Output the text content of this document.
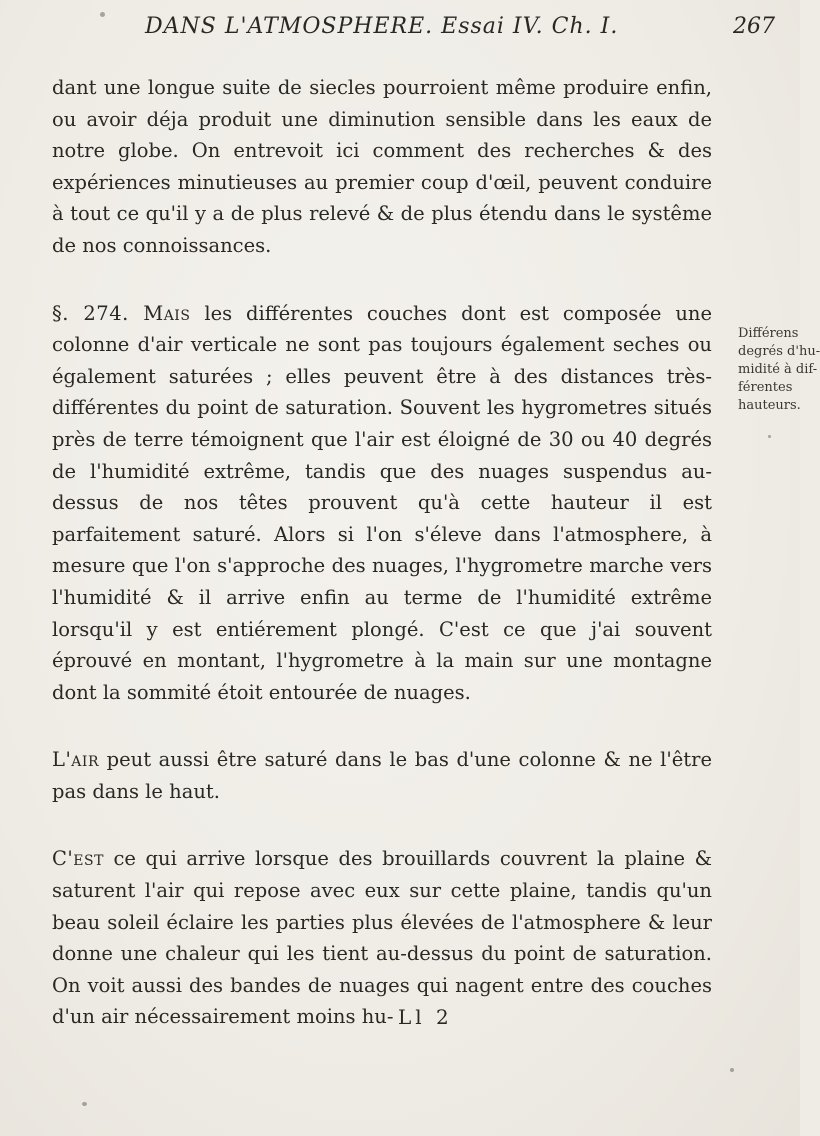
DANS L'ATMOSPHERE. Essai IV. Ch. I.	267

dant une longue suite de siecles pourroient même produire enfin, ou avoir déja produit une diminution sensible dans les eaux de notre globe. On entrevoit ici comment des recherches & des expériences minutieuses au premier coup d'œil, peuvent conduire à tout ce qu'il y a de plus relevé & de plus étendu dans le systême de nos connoissances.

§. 274. Mais les différentes couches dont est composée une colonne d'air verticale ne sont pas toujours également seches ou également saturées ; elles peuvent être à des distances très-différentes du point de saturation. Souvent les hygrometres situés près de terre témoignent que l'air est éloigné de 30 ou 40 degrés de l'humidité extrême, tandis que des nuages suspendus au-dessus de nos têtes prouvent qu'à cette hauteur il est parfaitement saturé. Alors si l'on s'éleve dans l'atmosphere, à mesure que l'on s'approche des nuages, l'hygrometre marche vers l'humidité & il arrive enfin au terme de l'humidité extrême lorsqu'il y est entiérement plongé. C'est ce que j'ai souvent éprouvé en montant, l'hygrometre à la main sur une montagne dont la sommité étoit entourée de nuages.

L'air peut aussi être saturé dans le bas d'une colonne & ne l'être pas dans le haut.

C'est ce qui arrive lorsque des brouillards couvrent la plaine & saturent l'air qui repose avec eux sur cette plaine, tandis qu'un beau soleil éclaire les parties plus élevées de l'atmosphere & leur donne une chaleur qui les tient au-dessus du point de saturation. On voit aussi des bandes de nuages qui nagent entre des couches d'un air nécessairement moins hu-

Différens
degrés d'hu-
midité à dif-
férentes
hauteurs.
Ll 2
